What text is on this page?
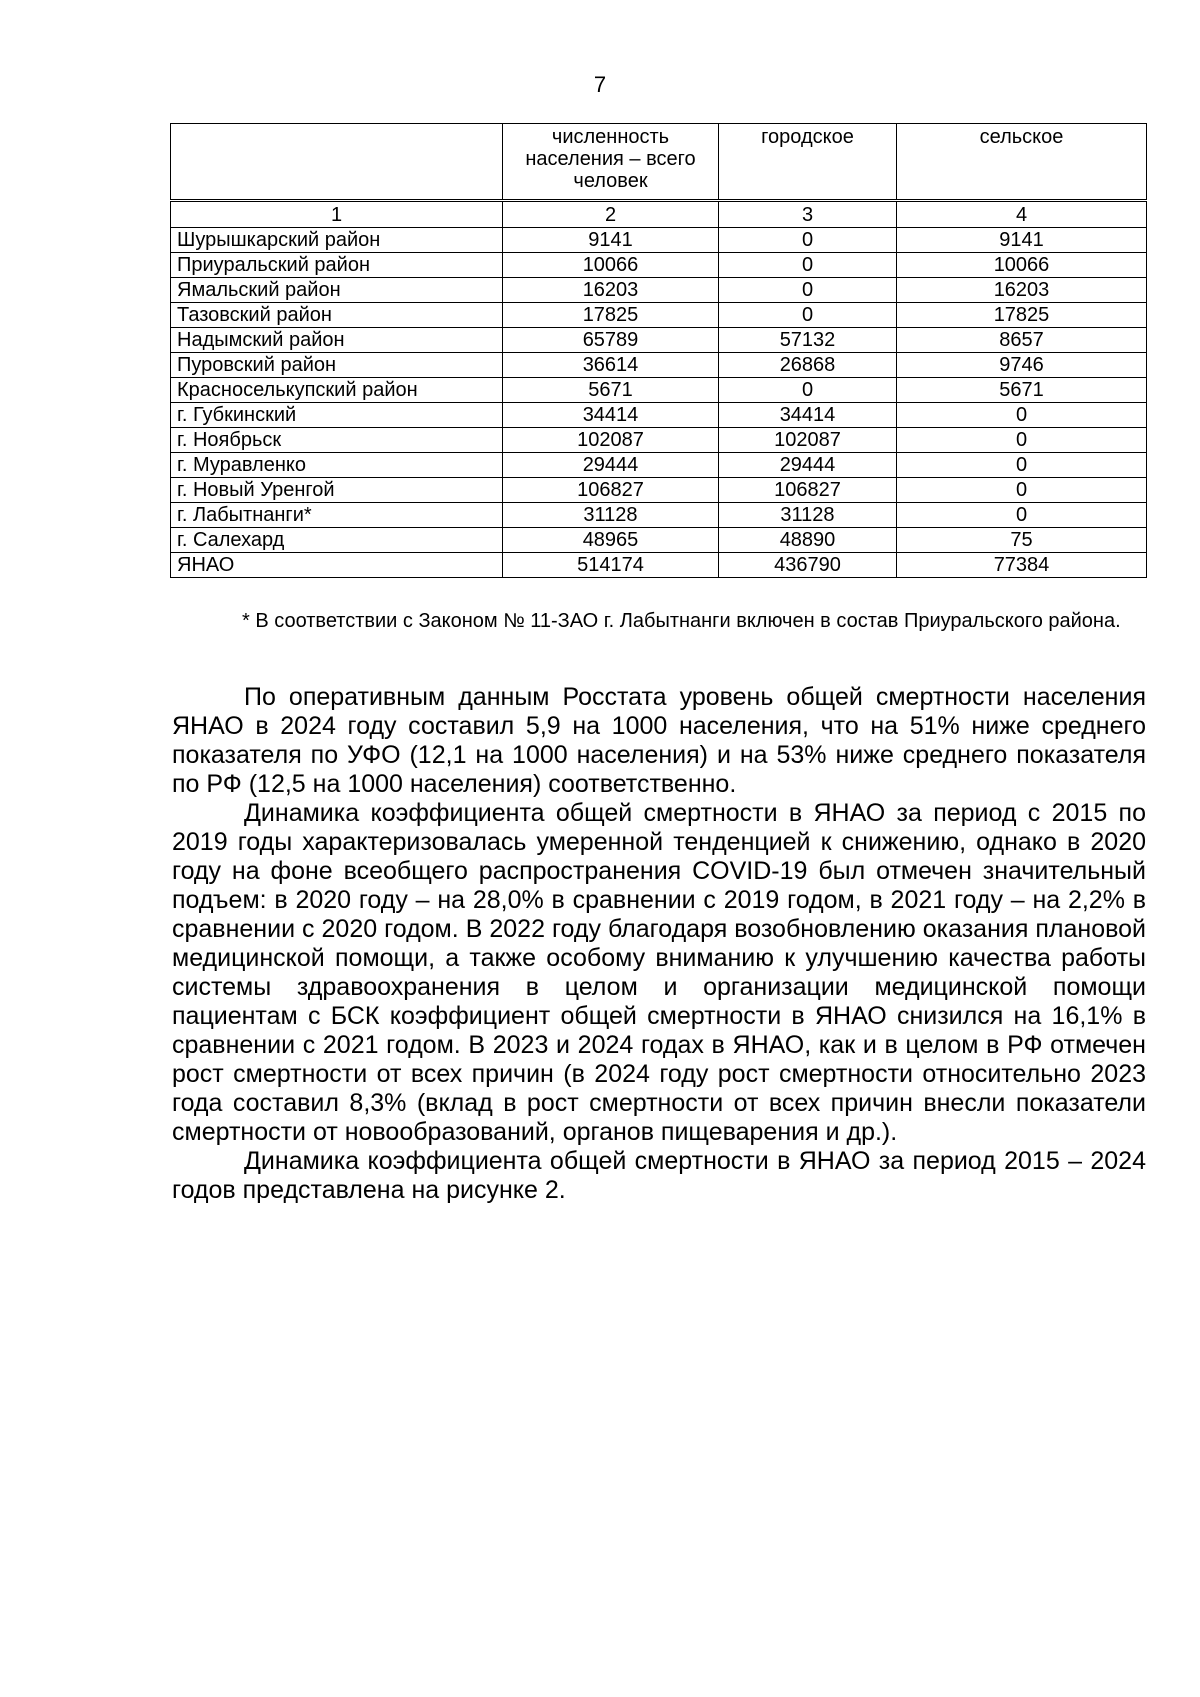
7
	численность населения – всего человек	городское	сельское
1	2	3	4
Шурышкарский район	9141	0	9141
Приуральский район	10066	0	10066
Ямальский район	16203	0	16203
Тазовский район	17825	0	17825
Надымский район	65789	57132	8657
Пуровский район	36614	26868	9746
Красноселькупский район	5671	0	5671
г. Губкинский	34414	34414	0
г. Ноябрьск	102087	102087	0
г. Муравленко	29444	29444	0
г. Новый Уренгой	106827	106827	0
г. Лабытнанги*	31128	31128	0
г. Салехард	48965	48890	75
ЯНАО	514174	436790	77384
* В соответствии с Законом № 11-ЗАО г. Лабытнанги включен в состав Приуральского района.

По оперативным данным Росстата уровень общей смертности населения ЯНАО в 2024 году составил 5,9 на 1000 населения, что на 51% ниже среднего показателя по УФО (12,1 на 1000 населения) и на 53% ниже среднего показателя по РФ (12,5 на 1000 населения) соответственно.

Динамика коэффициента общей смертности в ЯНАО за период с 2015 по 2019 годы характеризовалась умеренной тенденцией к снижению, однако в 2020 году на фоне всеобщего распространения COVID-19 был отмечен значительный подъем: в 2020 году – на 28,0% в сравнении с 2019 годом, в 2021 году – на 2,2% в сравнении с 2020 годом. В 2022 году благодаря возобновлению оказания плановой медицинской помощи, а также особому вниманию к улучшению качества работы системы здравоохранения в целом и организации медицинской помощи пациентам с БСК коэффициент общей смертности в ЯНАО снизился на 16,1% в сравнении с 2021 годом. В 2023 и 2024 годах в ЯНАО, как и в целом в РФ отмечен рост смертности от всех причин (в 2024 году рост смертности относительно 2023 года составил 8,3% (вклад в рост смертности от всех причин внесли показатели смертности от новообразований, органов пищеварения и др.).

Динамика коэффициента общей смертности в ЯНАО за период 2015 – 2024 годов представлена на рисунке 2.
